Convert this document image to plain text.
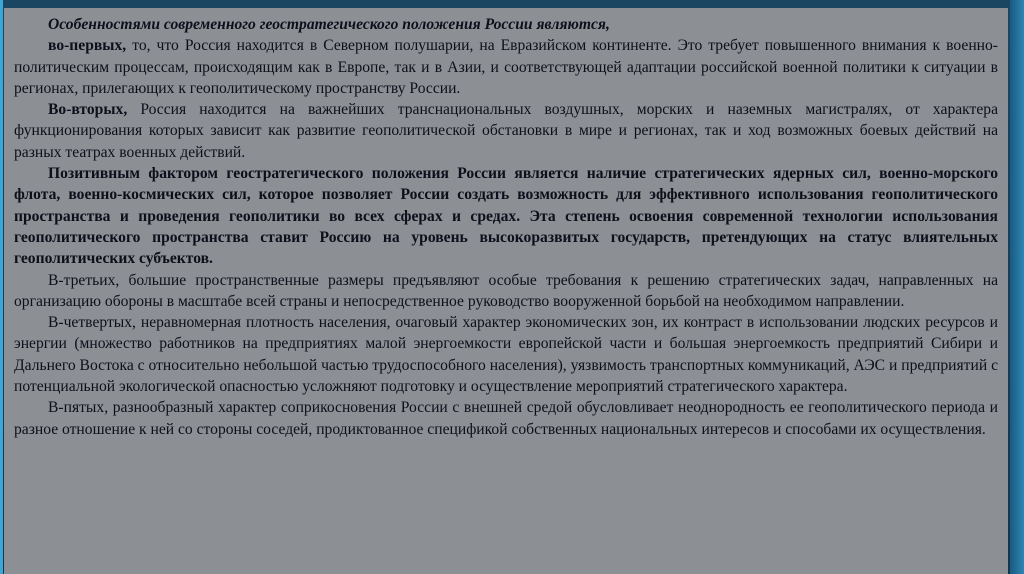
Особенностями современного геостратегического положения России являются,

во-первых, то, что Россия находится в Северном полушарии, на Евразийском континенте. Это требует повышенного внимания к военно-политическим процессам, происходящим как в Европе, так и в Азии, и соответствующей адаптации российской военной политики к ситуации в регионах, прилегающих к геополитическому пространству России.

Во-вторых, Россия находится на важнейших транснациональных воздушных, морских и наземных магистралях, от характера функционирования которых зависит как развитие геополитической обстановки в мире и регионах, так и ход возможных боевых действий на разных театрах военных действий.

Позитивным фактором геостратегического положения России является наличие стратегических ядерных сил, военно-морского флота, военно-космических сил, которое позволяет России создать возможность для эффективного использования геополитического пространства и проведения геополитики во всех сферах и средах. Эта степень освоения современной технологии использования геополитического пространства ставит Россию на уровень высокоразвитых государств, претендующих на статус влиятельных геополитических субъектов.

В-третьих, большие пространственные размеры предъявляют особые требования к решению стратегических задач, направленных на организацию обороны в масштабе всей страны и непосредственное руководство вооруженной борьбой на необходимом направлении.

В-четвертых, неравномерная плотность населения, очаговый характер экономических зон, их контраст в использовании людских ресурсов и энергии (множество работников на предприятиях малой энергоемкости европейской части и большая энергоемкость предприятий Сибири и Дальнего Востока с относительно небольшой частью трудоспособного населения), уязвимость транспортных коммуникаций, АЭС и предприятий с потенциальной экологической опасностью усложняют подготовку и осуществление мероприятий стратегического характера.

В-пятых, разнообразный характер соприкосновения России с внешней средой обусловливает неоднородность ее геополитического периода и разное отношение к ней со стороны соседей, продиктованное спецификой собственных национальных интересов и способами их осуществления.
